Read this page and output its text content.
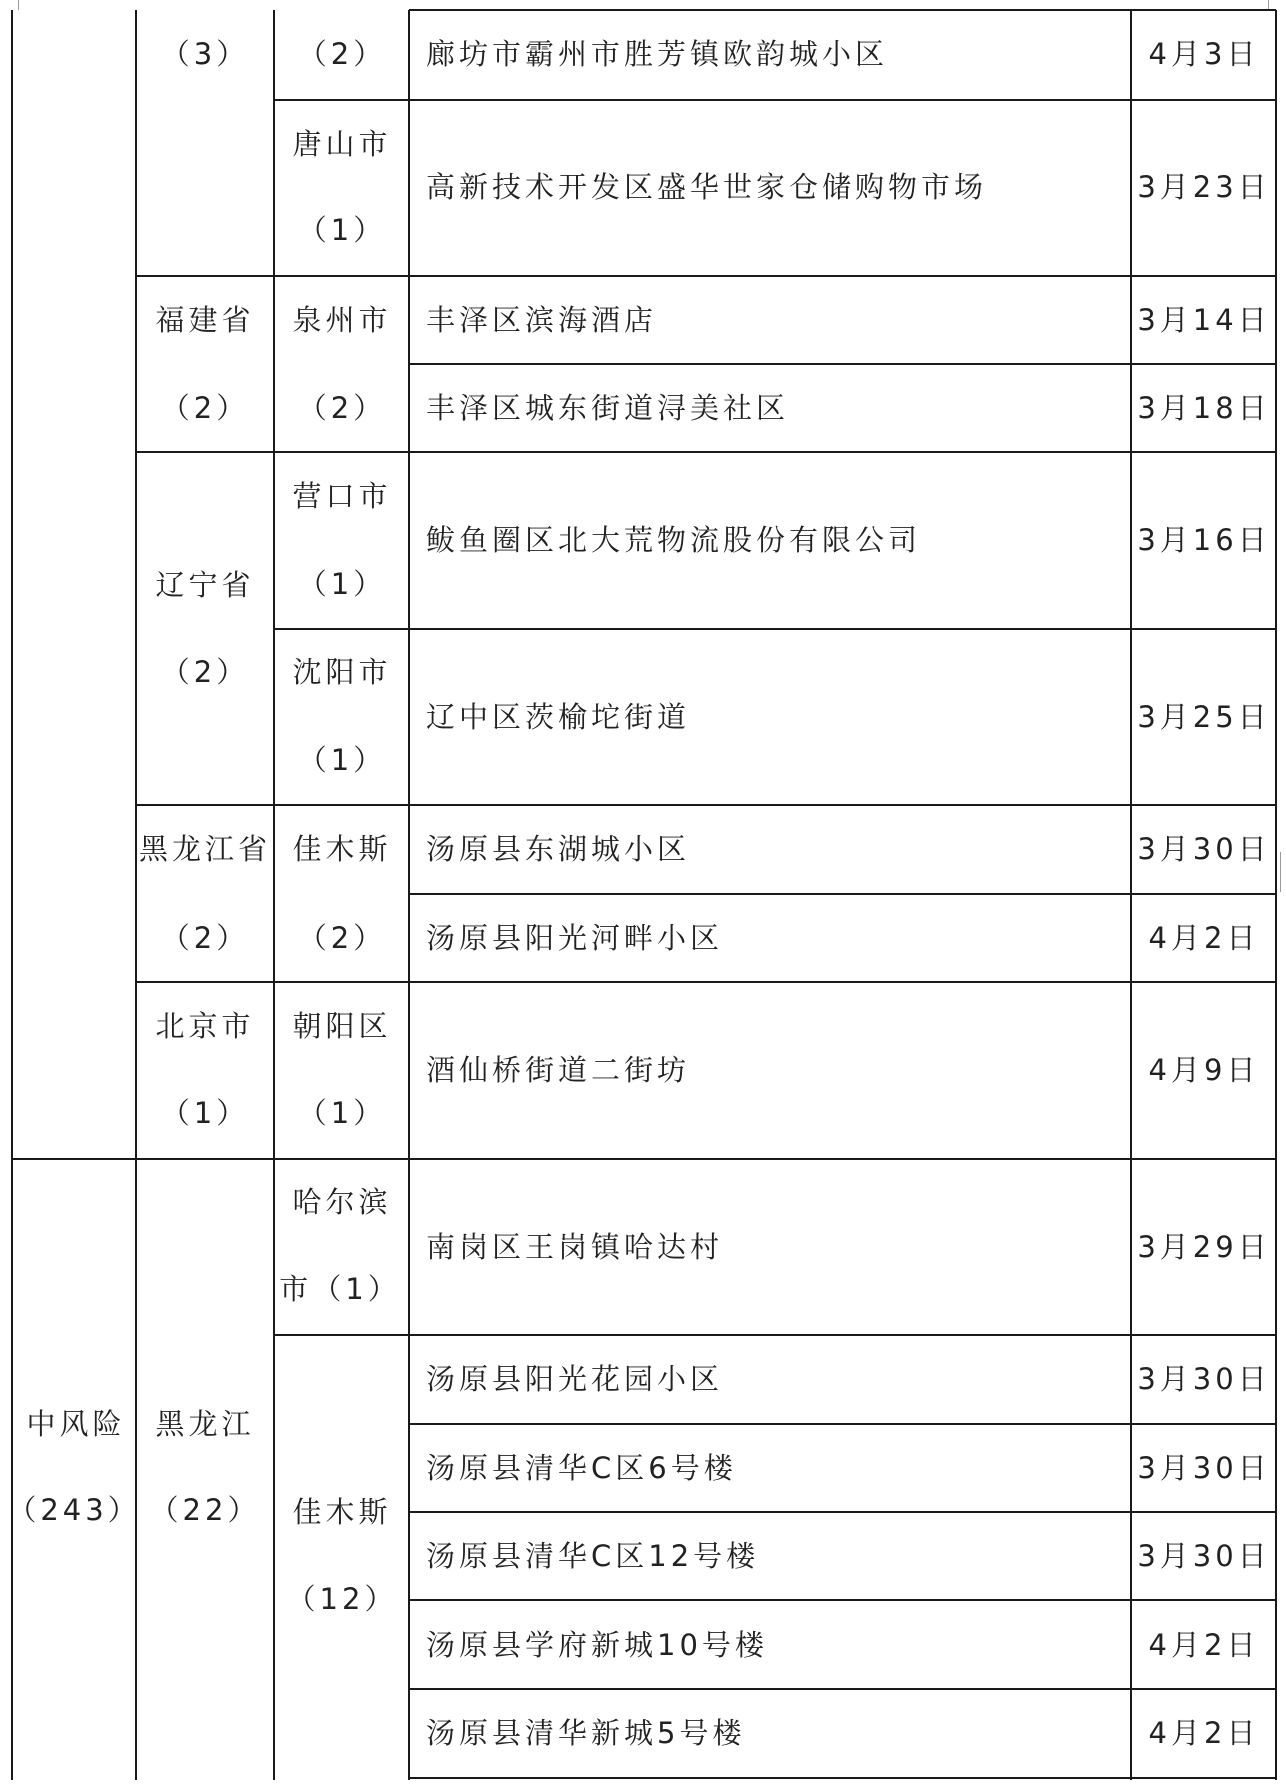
中风险
（243）
（3）
福建省
（2）
辽宁省
（2）
黑龙江省
（2）
北京市
（1）
黑龙江
（22）
（2）
唐山市
（1）
泉州市
（2）
营口市
（1）
沈阳市
（1）
佳木斯
（2）
朝阳区
（1）
哈尔滨
市（1）
佳木斯
（12）
廊坊市霸州市胜芳镇欧韵城小区
高新技术开发区盛华世家仓储购物市场
丰泽区滨海酒店
丰泽区城东街道浔美社区
鲅鱼圈区北大荒物流股份有限公司
辽中区茨榆坨街道
汤原县东湖城小区
汤原县阳光河畔小区
酒仙桥街道二街坊
南岗区王岗镇哈达村
汤原县阳光花园小区
汤原县清华C区6号楼
汤原县清华C区12号楼
汤原县学府新城10号楼
汤原县清华新城5号楼
4月3日
3月23日
3月14日
3月18日
3月16日
3月25日
3月30日
4月2日
4月9日
3月29日
3月30日
3月30日
3月30日
4月2日
4月2日
